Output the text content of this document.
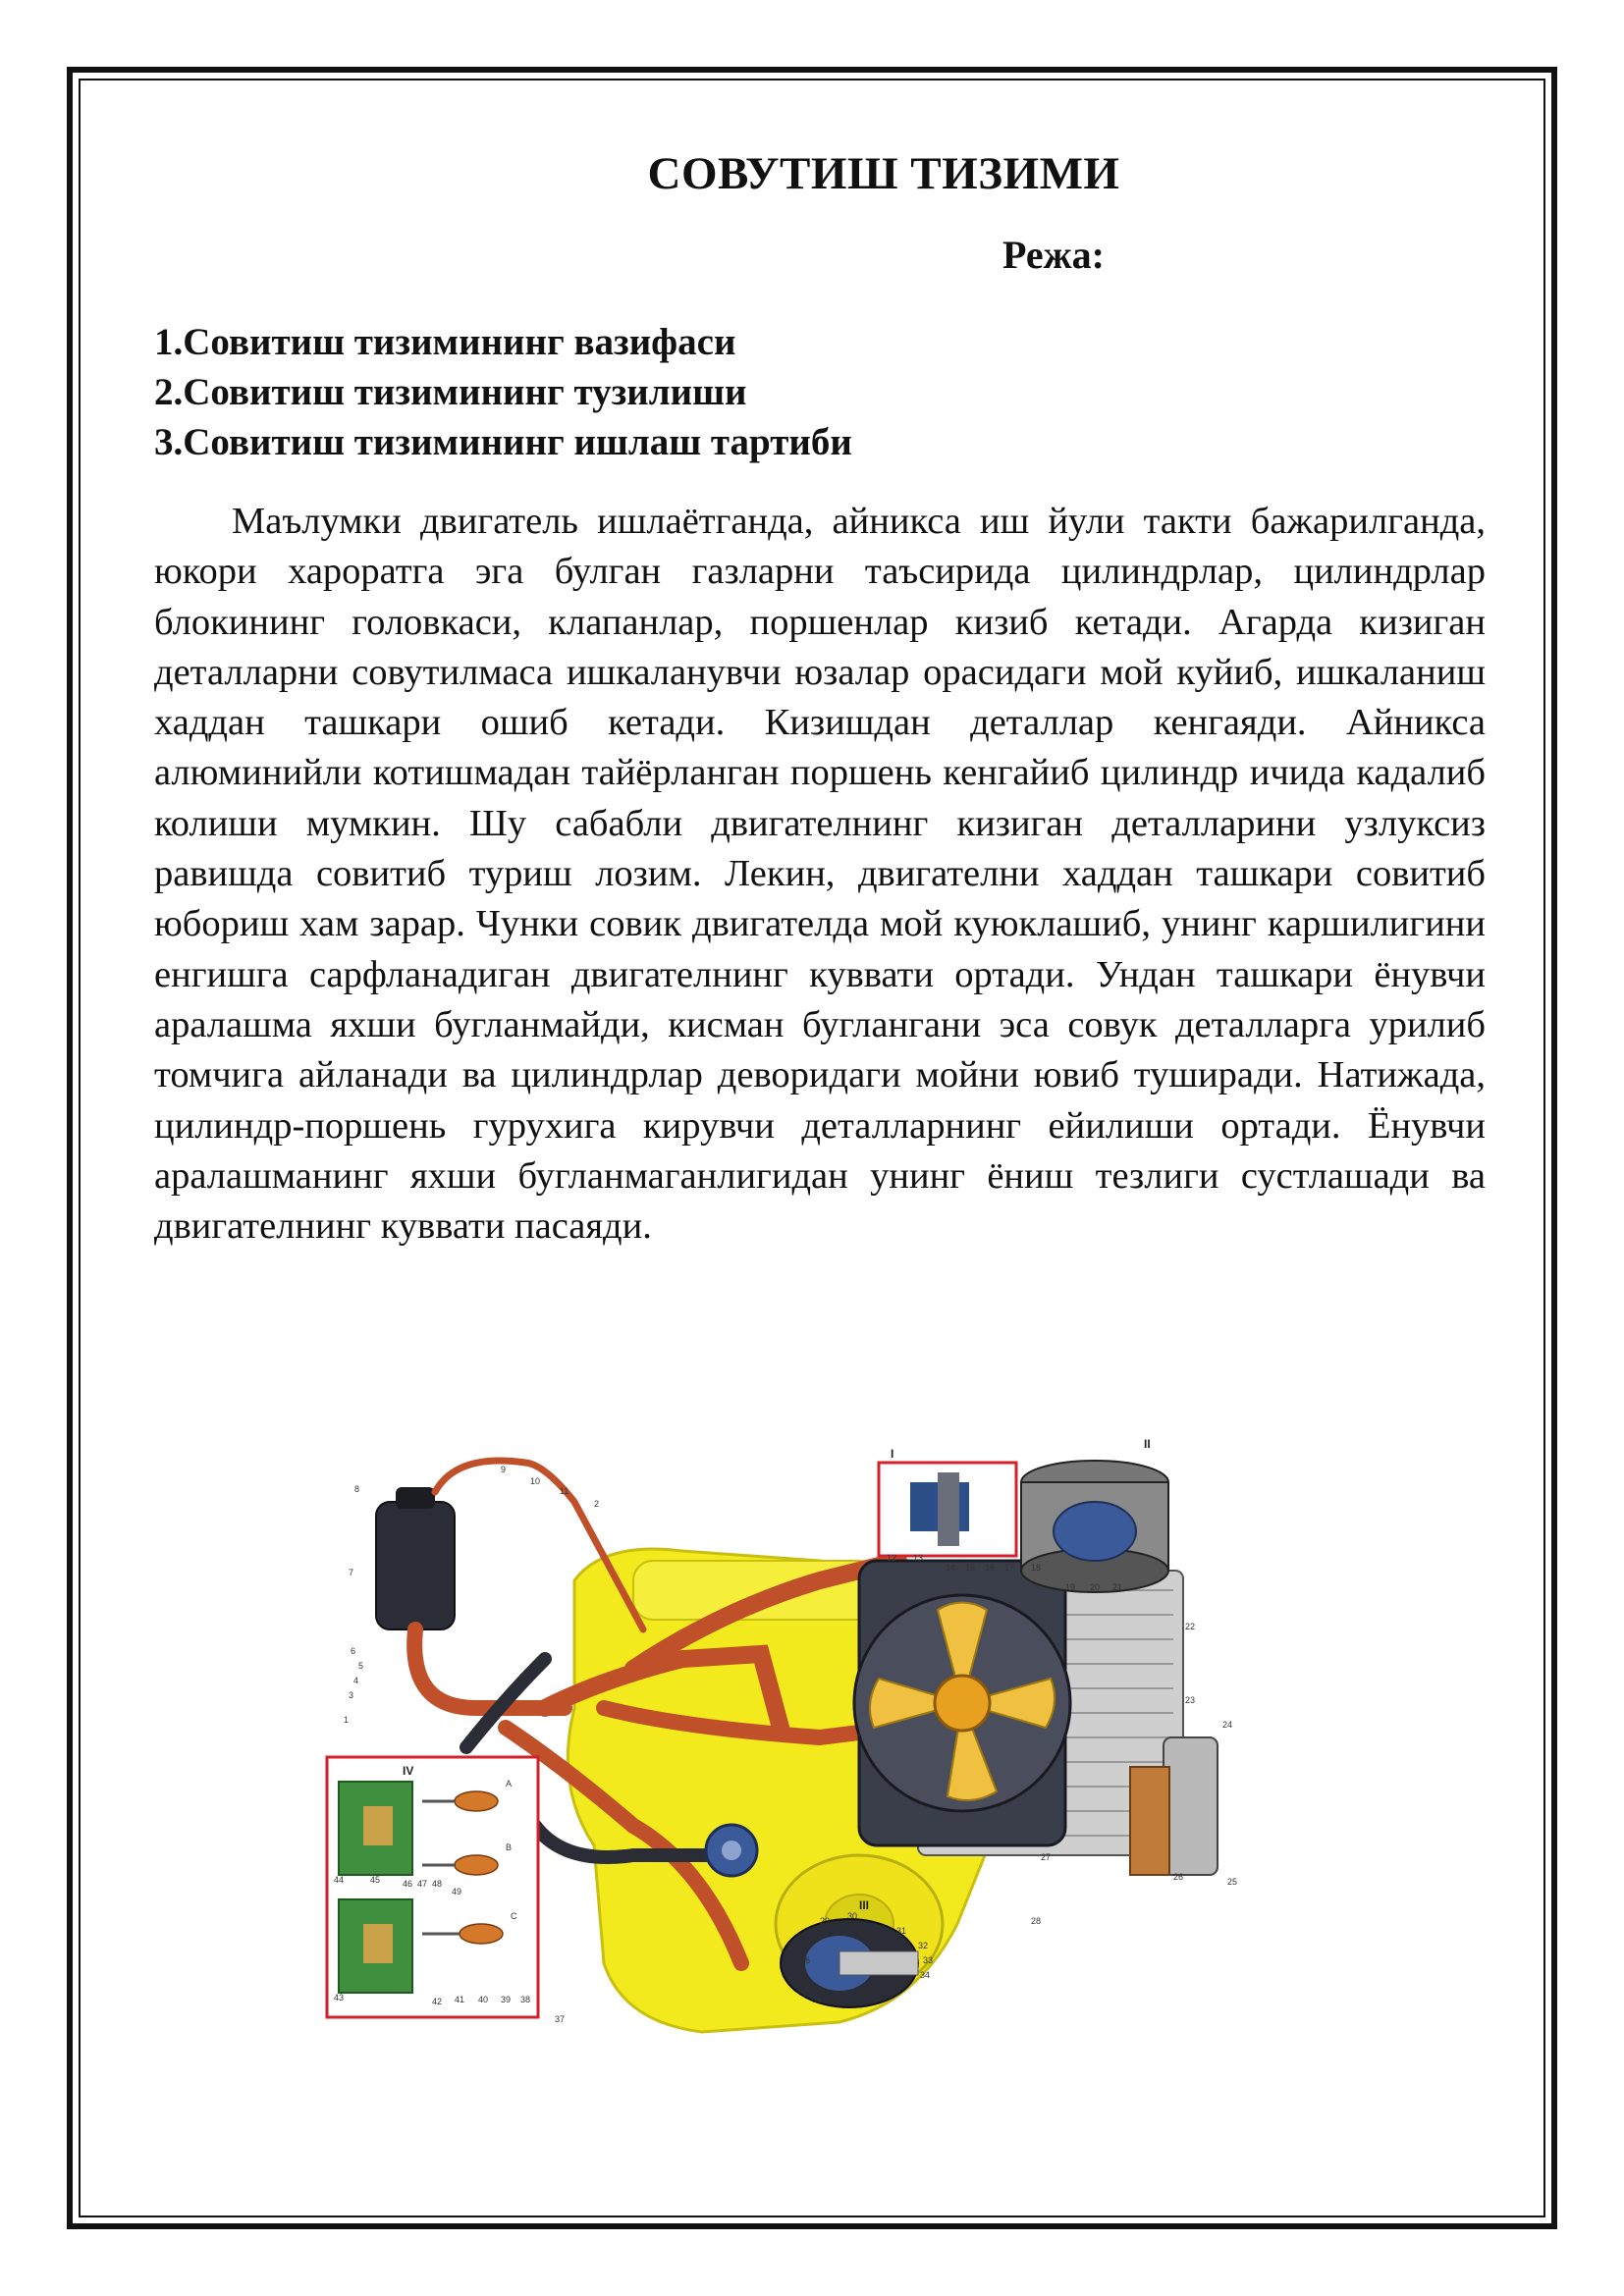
СОВУТИШ ТИЗИМИ
Режа:
1.Совитиш тизимининг вазифаси
2.Совитиш тизимининг тузилиши
3.Совитиш тизимининг ишлаш тартиби

Маълумки двигатель ишлаётганда, айникса иш йули такти бажарилганда, юкори хароратга эга булган газларни таъсирида цилиндрлар, цилиндрлар блокининг головкаси, клапанлар, поршенлар кизиб кетади. Агарда кизиган деталларни совутилмаса ишкаланувчи юзалар орасидаги мой куйиб, ишкаланиш хаддан ташкари ошиб кетади. Кизишдан деталлар кенгаяди. Айникса алюминийли котишмадан тайёрланган поршень кенгайиб цилиндр ичида кадалиб колиши мумкин. Шу сабабли двигателнинг кизиган деталларини узлуксиз равишда совитиб туриш лозим. Лекин, двигателни хаддан ташкари совитиб юбориш хам зарар. Чунки совик двигателда мой куюклашиб, унинг каршилигини енгишга сарфланадиган двигателнинг куввати ортади. Ундан ташкари ёнувчи аралашма яхши бугланмайди, кисман буглангани эса совук деталларга урилиб томчига айланади ва цилиндрлар деворидаги мойни ювиб туширади. Натижада, цилиндр-поршень гурухига кирувчи деталларнинг ейилиши ортади. Ёнувчи аралашманинг яхши бугланмаганлигидан унинг ёниш тезлиги сустлашади ва двигателнинг куввати пасаяди.

I
II
III
IV
A
B
C
1
2
3
4
5
6
7
8
9
10
11
12 13
14 15 16 17 18
19 20 21
22
23
24
25
26
27
28
29 30
31
32
33
34
35
36
37
38
39
40
41
42
43
44	45	46 47 48
49
